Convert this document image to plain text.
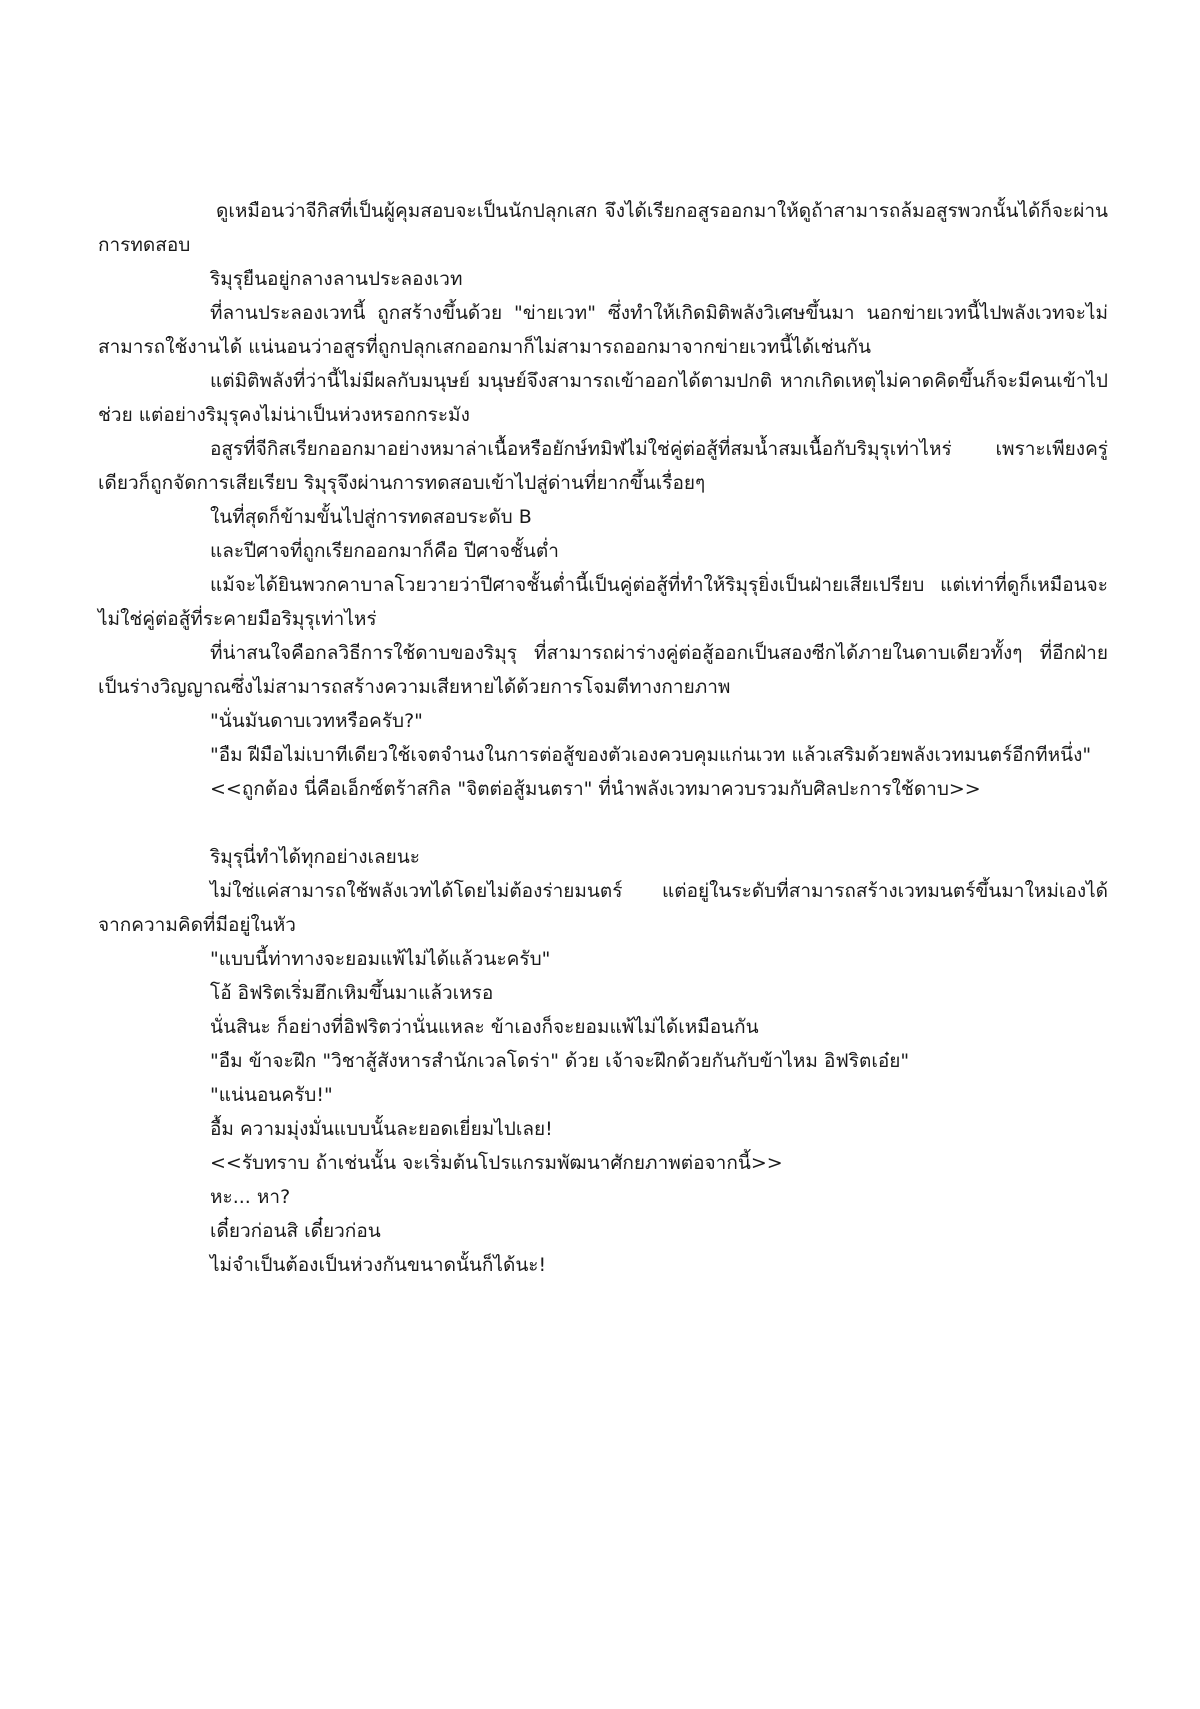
ดูเหมือนว่าจีกิสที่เป็นผู้คุมสอบจะเป็นนักปลุกเสก จึงได้เรียกอสูรออกมาให้ดูถ้าสามารถล้มอสูรพวกนั้นได้ก็จะผ่านการทดสอบ

ริมุรุยืนอยู่กลางลานประลองเวท

ที่ลานประลองเวทนี้ ถูกสร้างขึ้นด้วย "ข่ายเวท" ซึ่งทำให้เกิดมิติพลังวิเศษขึ้นมา นอกข่ายเวทนี้ไปพลังเวทจะไม่สามารถใช้งานได้ แน่นอนว่าอสูรที่ถูกปลุกเสกออกมาก็ไม่สามารถออกมาจากข่ายเวทนี้ได้เช่นกัน

แต่มิติพลังที่ว่านี้ไม่มีผลกับมนุษย์ มนุษย์จึงสามารถเข้าออกได้ตามปกติ หากเกิดเหตุไม่คาดคิดขึ้นก็จะมีคนเข้าไปช่วย แต่อย่างริมุรุคงไม่น่าเป็นห่วงหรอกกระมัง

อสูรที่จีกิสเรียกออกมาอย่างหมาล่าเนื้อหรือยักษ์ทมิฬไม่ใช่คู่ต่อสู้ที่สมน้ำสมเนื้อกับริมุรุเท่าไหร่ เพราะเพียงครู่เดียวก็ถูกจัดการเสียเรียบ ริมุรุจึงผ่านการทดสอบเข้าไปสู่ด่านที่ยากขึ้นเรื่อยๆ

ในที่สุดก็ข้ามขั้นไปสู่การทดสอบระดับ B

และปีศาจที่ถูกเรียกออกมาก็คือ ปีศาจชั้นต่ำ

แม้จะได้ยินพวกคาบาลโวยวายว่าปีศาจชั้นต่ำนี้เป็นคู่ต่อสู้ที่ทำให้ริมุรุยิ่งเป็นฝ่ายเสียเปรียบ แต่เท่าที่ดูก็เหมือนจะไม่ใช่คู่ต่อสู้ที่ระคายมือริมุรุเท่าไหร่

ที่น่าสนใจคือกลวิธีการใช้ดาบของริมุรุ ที่สามารถผ่าร่างคู่ต่อสู้ออกเป็นสองซีกได้ภายในดาบเดียวทั้งๆ ที่อีกฝ่ายเป็นร่างวิญญาณซึ่งไม่สามารถสร้างความเสียหายได้ด้วยการโจมตีทางกายภาพ

"นั่นมันดาบเวทหรือครับ?"

"อืม ฝีมือไม่เบาทีเดียวใช้เจตจำนงในการต่อสู้ของตัวเองควบคุมแก่นเวท แล้วเสริมด้วยพลังเวทมนตร์อีกทีหนึ่ง"

<<ถูกต้อง นี่คือเอ็กซ์ตร้าสกิล "จิตต่อสู้มนตรา" ที่นำพลังเวทมาควบรวมกับศิลปะการใช้ดาบ>>

ริมุรุนี่ทำได้ทุกอย่างเลยนะ

ไม่ใช่แค่สามารถใช้พลังเวทได้โดยไม่ต้องร่ายมนตร์ แต่อยู่ในระดับที่สามารถสร้างเวทมนตร์ขึ้นมาใหม่เองได้ จากความคิดที่มีอยู่ในหัว

"แบบนี้ท่าทางจะยอมแพ้ไม่ได้แล้วนะครับ"

โอ้ อิฟริตเริ่มฮึกเหิมขึ้นมาแล้วเหรอ

นั่นสินะ ก็อย่างที่อิฟริตว่านั่นแหละ ข้าเองก็จะยอมแพ้ไม่ได้เหมือนกัน

"อืม ข้าจะฝึก "วิชาสู้สังหารสำนักเวลโดร่า" ด้วย เจ้าจะฝึกด้วยกันกับข้าไหม อิฟริตเอ๋ย"

"แน่นอนครับ!"

อื้ม ความมุ่งมั่นแบบนั้นละยอดเยี่ยมไปเลย!

<<รับทราบ ถ้าเช่นนั้น จะเริ่มต้นโปรแกรมพัฒนาศักยภาพต่อจากนี้>>

หะ... หา?

เดี๋ยวก่อนสิ เดี๋ยวก่อน

ไม่จำเป็นต้องเป็นห่วงกันขนาดนั้นก็ได้นะ!
